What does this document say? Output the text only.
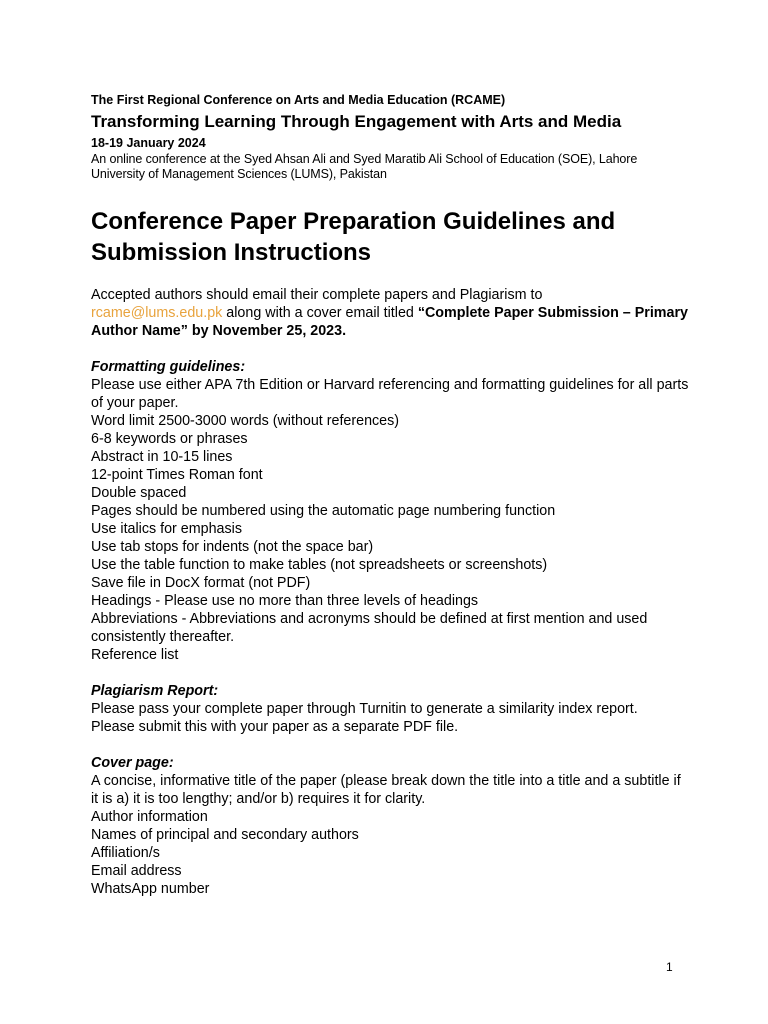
The First Regional Conference on Arts and Media Education (RCAME)
Transforming Learning Through Engagement with Arts and Media
18-19 January 2024
An online conference at the Syed Ahsan Ali and Syed Maratib Ali School of Education (SOE), Lahore
University of Management Sciences (LUMS), Pakistan
Conference Paper Preparation Guidelines and
Submission Instructions
Accepted authors should email their complete papers and Plagiarism to
rcame@lums.edu.pk along with a cover email titled “Complete Paper Submission – Primary Author Name” by November 25, 2023.
Formatting guidelines:
Please use either APA 7th Edition or Harvard referencing and formatting guidelines for all parts of your paper.
Word limit 2500-3000 words (without references)
6-8 keywords or phrases
Abstract in 10-15 lines
12-point Times Roman font
Double spaced
Pages should be numbered using the automatic page numbering function
Use italics for emphasis
Use tab stops for indents (not the space bar)
Use the table function to make tables (not spreadsheets or screenshots)
Save file in DocX format (not PDF)
Headings - Please use no more than three levels of headings
Abbreviations - Abbreviations and acronyms should be defined at first mention and used consistently thereafter.
Reference list
Plagiarism Report:
Please pass your complete paper through Turnitin to generate a similarity index report.
Please submit this with your paper as a separate PDF file.
Cover page:
A concise, informative title of the paper (please break down the title into a title and a subtitle if it is a) it is too lengthy; and/or b) requires it for clarity.
Author information
Names of principal and secondary authors
Affiliation/s
Email address
WhatsApp number
1
